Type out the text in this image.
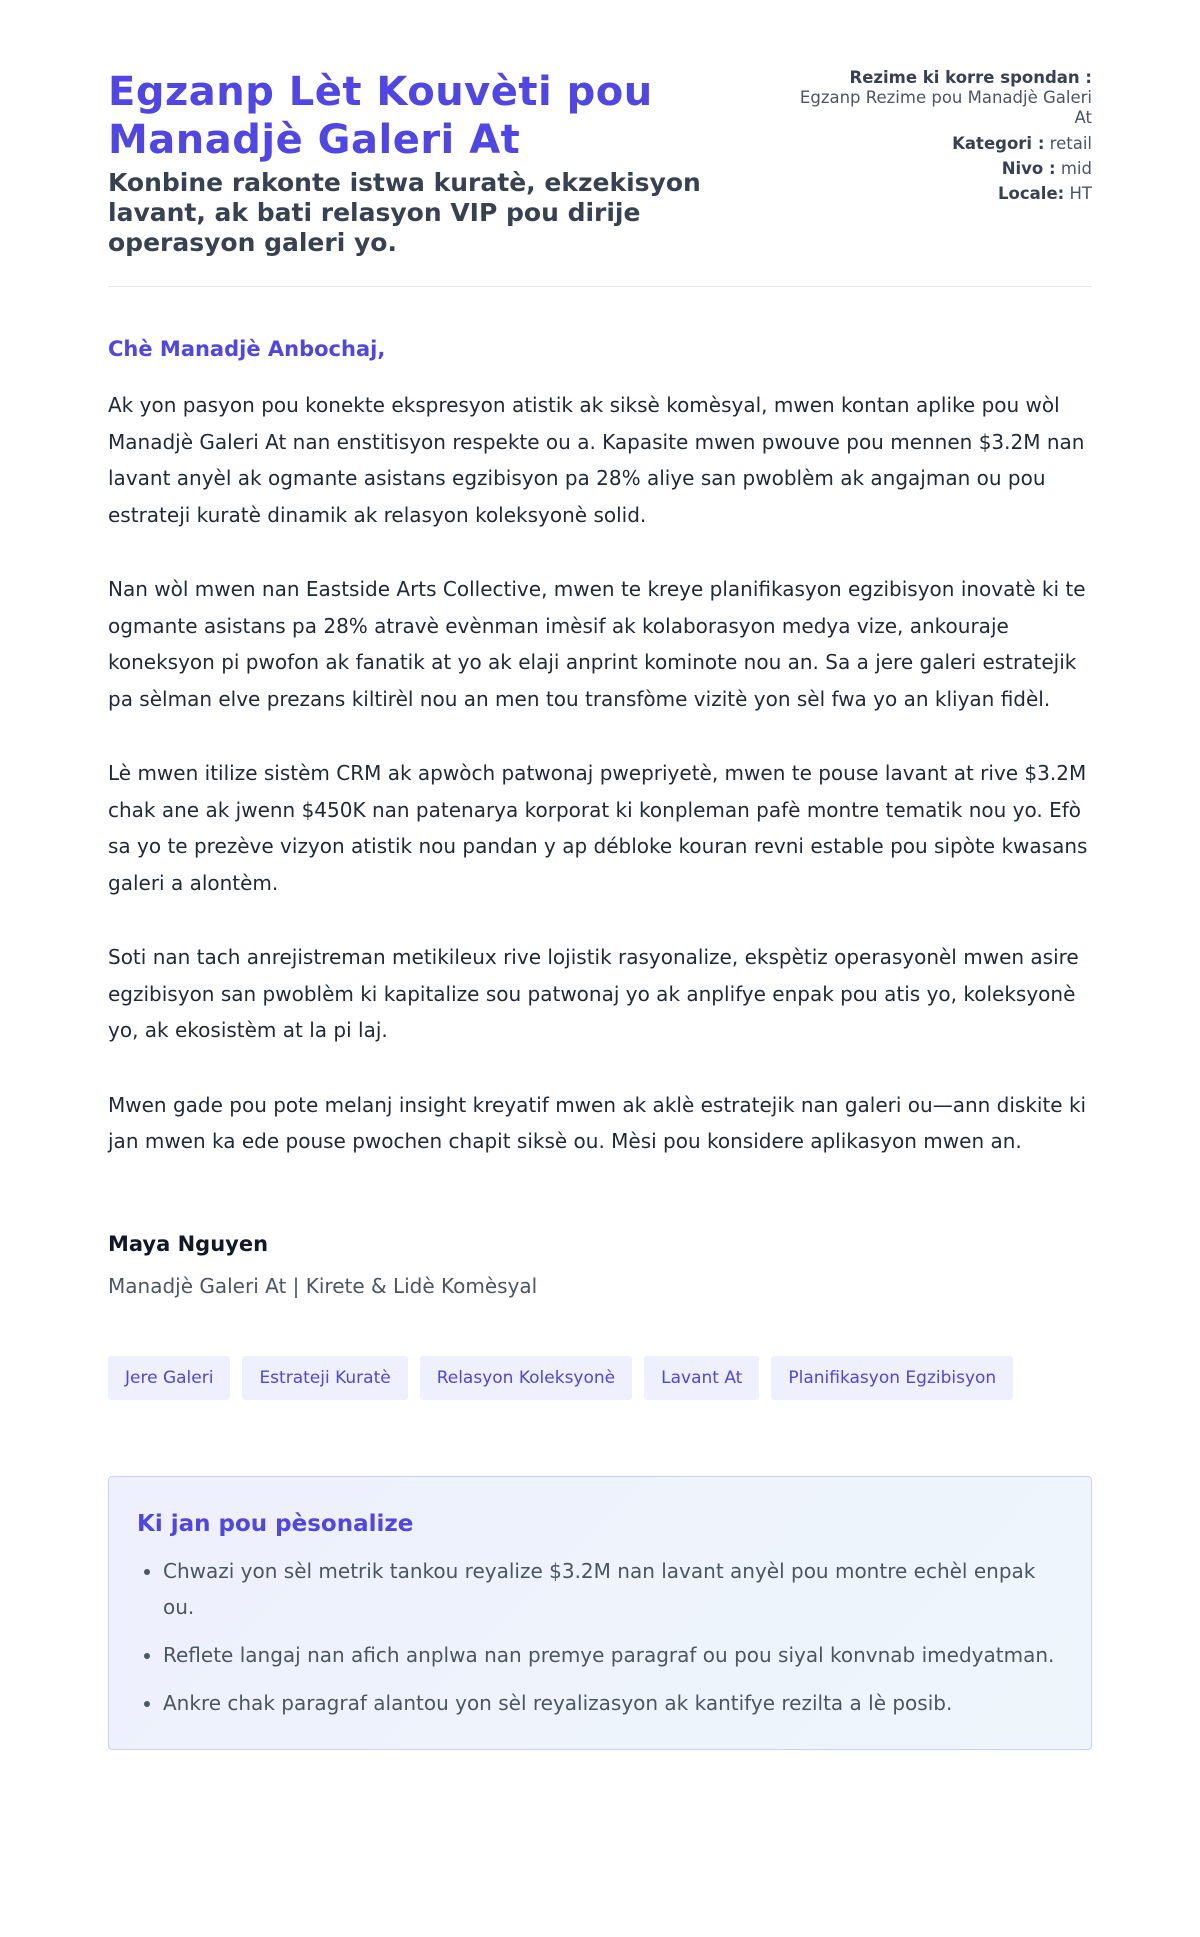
Egzanp Lèt Kouvèti pou Manadjè Galeri At

Konbine rakonte istwa kuratè, ekzekisyon lavant, ak bati relasyon VIP pou dirije operasyon galeri yo.

Rezime ki korre spondan :
Egzanp Rezime pou Manadjè Galeri At
Kategori : retail
Nivo : mid
Locale: HT

Chè Manadjè Anbochaj,

Ak yon pasyon pou konekte ekspresyon atistik ak siksè komèsyal, mwen kontan aplike pou wòl Manadjè Galeri At nan enstitisyon respekte ou a. Kapasite mwen pwouve pou mennen $3.2M nan lavant anyèl ak ogmante asistans egzibisyon pa 28% aliye san pwoblèm ak angajman ou pou estrateji kuratè dinamik ak relasyon koleksyonè solid.

Nan wòl mwen nan Eastside Arts Collective, mwen te kreye planifikasyon egzibisyon inovatè ki te ogmante asistans pa 28% atravè evènman imèsif ak kolaborasyon medya vize, ankouraje koneksyon pi pwofon ak fanatik at yo ak elaji anprint kominote nou an. Sa a jere galeri estratejik pa sèlman elve prezans kiltirèl nou an men tou transfòme vizitè yon sèl fwa yo an kliyan fidèl.

Lè mwen itilize sistèm CRM ak apwòch patwonaj pwepriyetè, mwen te pouse lavant at rive $3.2M chak ane ak jwenn $450K nan patenarya korporat ki konpleman pafè montre tematik nou yo. Efò sa yo te prezève vizyon atistik nou pandan y ap débloke kouran revni estable pou sipòte kwasans galeri a alontèm.

Soti nan tach anrejistreman metikileux rive lojistik rasyonalize, ekspètiz operasyonèl mwen asire egzibisyon san pwoblèm ki kapitalize sou patwonaj yo ak anplifye enpak pou atis yo, koleksyonè yo, ak ekosistèm at la pi laj.

Mwen gade pou pote melanj insight kreyatif mwen ak aklè estratejik nan galeri ou—ann diskite ki jan mwen ka ede pouse pwochen chapit siksè ou. Mèsi pou konsidere aplikasyon mwen an.

Maya Nguyen
Manadjè Galeri At | Kirete & Lidè Komèsyal
Jere Galeri	Estrateji Kuratè	Relasyon Koleksyonè	Lavant At	Planifikasyon Egzibisyon
Ki jan pou pèsonalize
• Chwazi yon sèl metrik tankou reyalize $3.2M nan lavant anyèl pou montre echèl enpak ou.
• Reflete langaj nan afich anplwa nan premye paragraf ou pou siyal konvnab imedyatman.
• Ankre chak paragraf alantou yon sèl reyalizasyon ak kantifye rezilta a lè posib.
